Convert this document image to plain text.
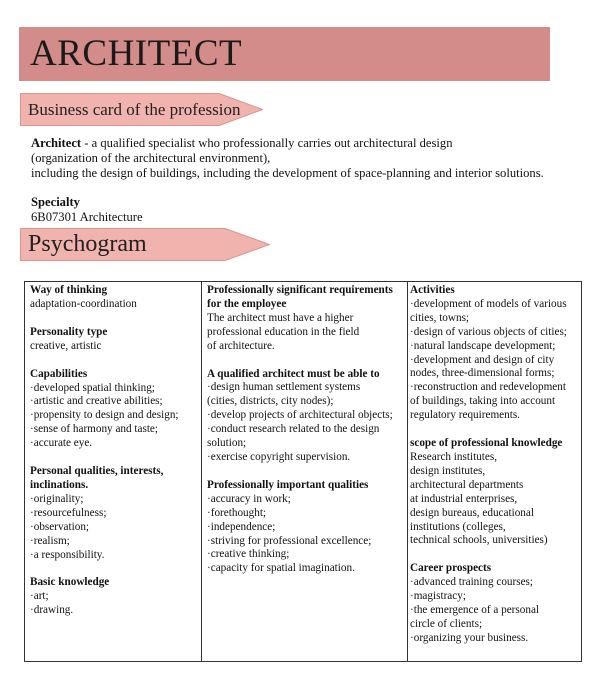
ARCHITECT
Business card of the profession

Architect - a qualified specialist who professionally carries out architectural design

(organization of the architectural environment),

including the design of buildings, including the development of space-planning and interior solutions.

Specialty
6B07301 Architecture
Psychogram
Way of thinking
adaptation-coordination
Personality type
creative, artistic
Capabilities
· developed spatial thinking;
· artistic and creative abilities;
· propensity to design and design;
· sense of harmony and taste;
· accurate eye.
Personal qualities, interests,
inclinations.
· originality;
· resourcefulness;
· observation;
· realism;
· a responsibility.
Basic knowledge
· art;
· drawing.
Professionally significant requirements
for the employee
The architect must have a higher
professional education in the field
of architecture.
A qualified architect must be able to
· design human settlement systems
(cities, districts, city nodes);
· develop projects of architectural objects;
· conduct research related to the design
solution;
· exercise copyright supervision.
Professionally important qualities
· accuracy in work;
· forethought;
· independence;
· striving for professional excellence;
· creative thinking;
· capacity for spatial imagination.
Activities
· development of models of various
cities, towns;
· design of various objects of cities;
· natural landscape development;
· development and design of city
nodes, three-dimensional forms;
· reconstruction and redevelopment
of buildings, taking into account
regulatory requirements.
scope of professional knowledge
Research institutes,
design institutes,
architectural departments
at industrial enterprises,
design bureaus, educational
institutions (colleges,
technical schools, universities)
Career prospects
· advanced training courses;
· magistracy;
· the emergence of a personal
circle of clients;
· organizing your business.
